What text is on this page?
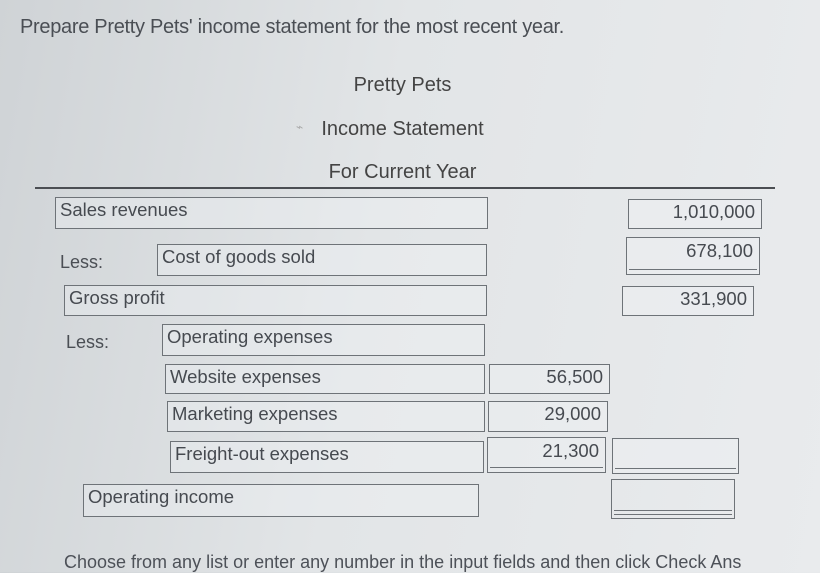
Prepare Pretty Pets' income statement for the most recent year.
Pretty Pets
Income Statement
⌁
For Current Year
Sales revenues	1,010,000
Less:	Cost of goods sold	678,100
Gross profit	331,900
Less:	Operating expenses
Website expenses	56,500
Marketing expenses	29,000
Freight-out expenses	21,300
Operating income
Choose from any list or enter any number in the input fields and then click Check Ans
